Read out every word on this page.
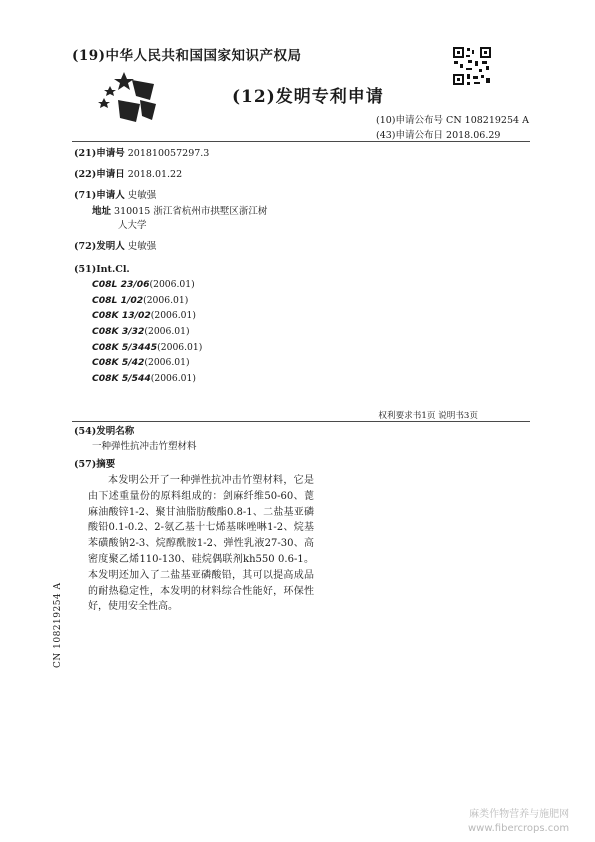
(19)中华人民共和国国家知识产权局
(12)发明专利申请
(10)申请公布号 CN 108219254 A
(43)申请公布日 2018.06.29
(21)申请号 201810057297.3
(22)申请日 2018.01.22
(71)申请人 史敏强
地址 310015 浙江省杭州市拱墅区浙江树
人大学
(72)发明人 史敏强
(51)Int.Cl.
C08L 23/06(2006.01)
C08L 1/02(2006.01)
C08K 13/02(2006.01)
C08K 3/32(2006.01)
C08K 5/3445(2006.01)
C08K 5/42(2006.01)
C08K 5/544(2006.01)
权利要求书1页 说明书3页
(54)发明名称
一种弹性抗冲击竹塑材料
(57)摘要
本发明公开了一种弹性抗冲击竹塑材料，它是由下述重量份的原料组成的：剑麻纤维50-60、蓖麻油酸锌1-2、聚甘油脂肪酸酯0.8-1、二盐基亚磷酸铅0.1-0.2、2-氨乙基十七烯基咪唑啉1-2、烷基苯磺酸钠2-3、烷醇酰胺1-2、弹性乳液27-30、高密度聚乙烯110-130、硅烷偶联剂kh550 0.6-1。本发明还加入了二盐基亚磷酸铅，其可以提高成品的耐热稳定性，本发明的材料综合性能好，环保性好，使用安全性高。
CN 108219254 A
麻类作物营养与施肥网
www.fibercrops.com
